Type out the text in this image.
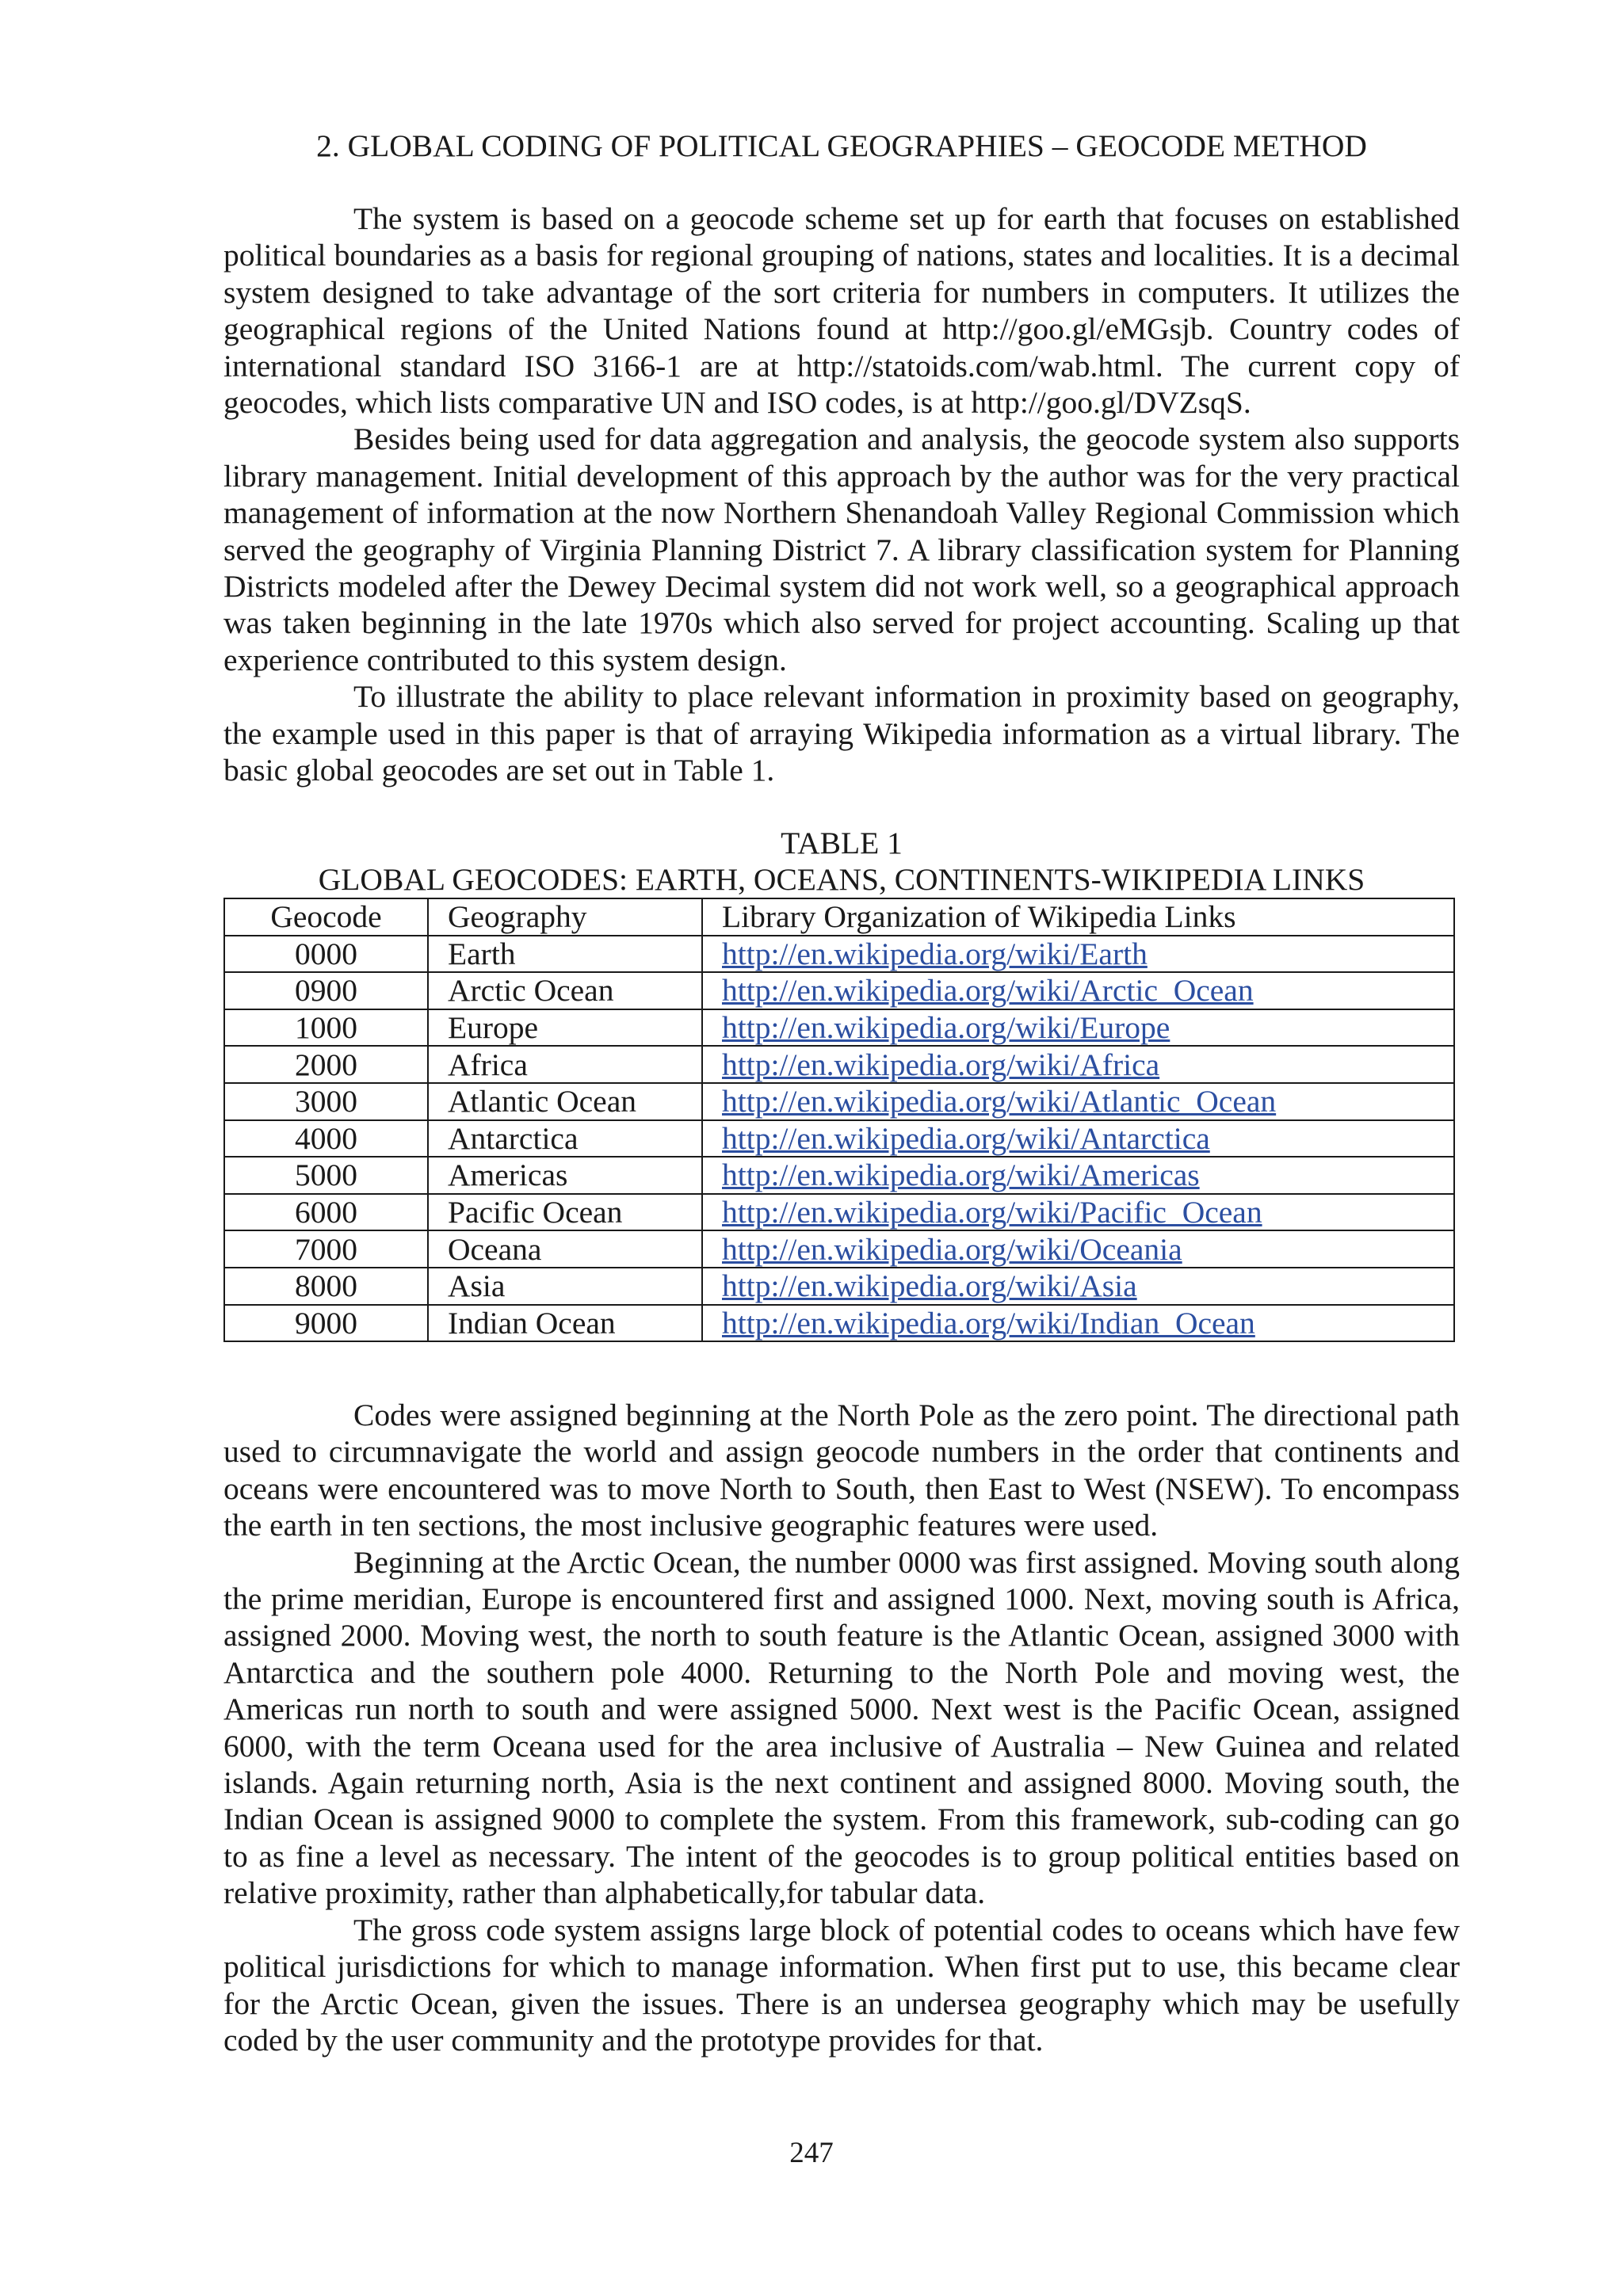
2. GLOBAL CODING OF POLITICAL GEOGRAPHIES – GEOCODE METHOD

The system is based on a geocode scheme set up for earth that focuses on established political boundaries as a basis for regional grouping of nations, states and localities. It is a decimal system designed to take advantage of the sort criteria for numbers in computers. It utilizes the geographical regions of the United Nations found at http://goo.gl/eMGsjb. Country codes of international standard ISO 3166-1 are at http://statoids.com/wab.html. The current copy of geocodes, which lists comparative UN and ISO codes, is at http://goo.gl/DVZsqS.

Besides being used for data aggregation and analysis, the geocode system also supports library management. Initial development of this approach by the author was for the very practical management of information at the now Northern Shenandoah Valley Regional Commission which served the geography of Virginia Planning District 7. A library classification system for Planning Districts modeled after the Dewey Decimal system did not work well, so a geographical approach was taken beginning in the late 1970s which also served for project accounting. Scaling up that experience contributed to this system design.

To illustrate the ability to place relevant information in proximity based on geography, the example used in this paper is that of arraying Wikipedia information as a virtual library. The basic global geocodes are set out in Table 1.

TABLE 1
GLOBAL GEOCODES: EARTH, OCEANS, CONTINENTS-WIKIPEDIA LINKS
Geocode	Geography	Library Organization of Wikipedia Links
0000	Earth	http://en.wikipedia.org/wiki/Earth
0900	Arctic Ocean	http://en.wikipedia.org/wiki/Arctic_Ocean
1000	Europe	http://en.wikipedia.org/wiki/Europe
2000	Africa	http://en.wikipedia.org/wiki/Africa
3000	Atlantic Ocean	http://en.wikipedia.org/wiki/Atlantic_Ocean
4000	Antarctica	http://en.wikipedia.org/wiki/Antarctica
5000	Americas	http://en.wikipedia.org/wiki/Americas
6000	Pacific Ocean	http://en.wikipedia.org/wiki/Pacific_Ocean
7000	Oceana	http://en.wikipedia.org/wiki/Oceania
8000	Asia	http://en.wikipedia.org/wiki/Asia
9000	Indian Ocean	http://en.wikipedia.org/wiki/Indian_Ocean

Codes were assigned beginning at the North Pole as the zero point. The directional path used to circumnavigate the world and assign geocode numbers in the order that continents and oceans were encountered was to move North to South, then East to West (NSEW). To encompass the earth in ten sections, the most inclusive geographic features were used.

Beginning at the Arctic Ocean, the number 0000 was first assigned. Moving south along the prime meridian, Europe is encountered first and assigned 1000. Next, moving south is Africa, assigned 2000. Moving west, the north to south feature is the Atlantic Ocean, assigned 3000 with Antarctica and the southern pole 4000. Returning to the North Pole and moving west, the Americas run north to south and were assigned 5000. Next west is the Pacific Ocean, assigned 6000, with the term Oceana used for the area inclusive of Australia – New Guinea and related islands. Again returning north, Asia is the next continent and assigned 8000. Moving south, the Indian Ocean is assigned 9000 to complete the system. From this framework, sub-coding can go to as fine a level as necessary. The intent of the geocodes is to group political entities based on relative proximity, rather than alphabetically,for tabular data.

The gross code system assigns large block of potential codes to oceans which have few political jurisdictions for which to manage information. When first put to use, this became clear for the Arctic Ocean, given the issues. There is an undersea geography which may be usefully coded by the user community and the prototype provides for that.

247
